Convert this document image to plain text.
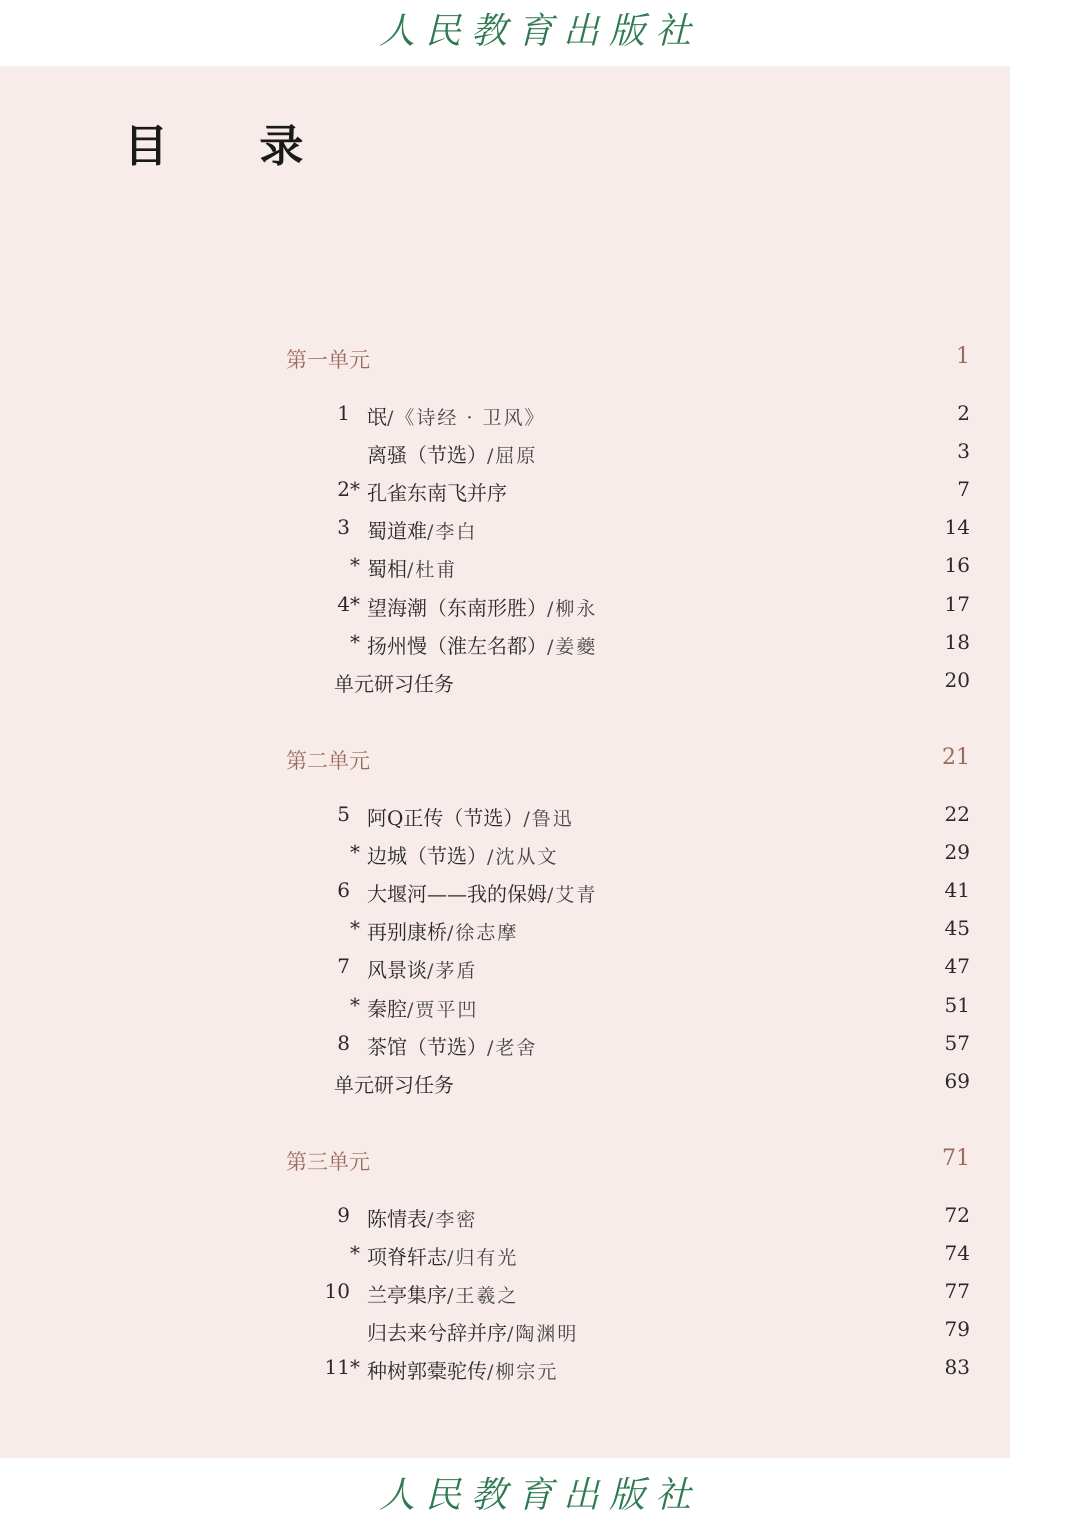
人民教育出版社
目 录
第一单元	1
1 氓/《诗经 · 卫风》	2
离骚（节选）/屈原	3
2 * 孔雀东南飞并序	7
3 蜀道难/李白	14
* 蜀相/杜甫	16
4 * 望海潮（东南形胜）/柳永	17
* 扬州慢（淮左名都）/姜夔	18
单元研习任务	20
第二单元	21
5 阿Q正传（节选）/鲁迅	22
* 边城（节选）/沈从文	29
6 大堰河——我的保姆/艾青	41
* 再别康桥/徐志摩	45
7 风景谈/茅盾	47
* 秦腔/贾平凹	51
8 茶馆（节选）/老舍	57
单元研习任务	69
第三单元	71
9 陈情表/李密	72
* 项脊轩志/归有光	74
10 兰亭集序/王羲之	77
归去来兮辞并序/陶渊明	79
11 * 种树郭橐驼传/柳宗元	83
人民教育出版社
